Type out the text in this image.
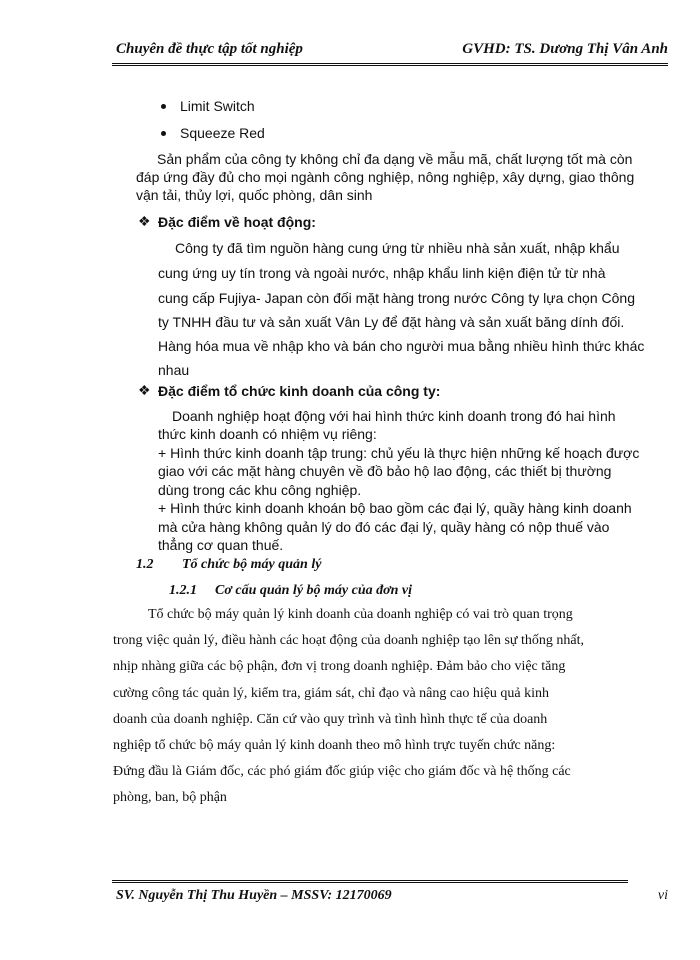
Chuyên đề thực tập tốt nghiệp	GVHD: TS. Dương Thị Vân Anh
Limit Switch
Squeeze Red
Sản phẩm của công ty không chỉ đa dạng về mẫu mã, chất lượng tốt mà còn
đáp ứng đầy đủ cho mọi ngành công nghiệp, nông nghiệp, xây dựng, giao thông
vận tải, thủy lợi, quốc phòng, dân sinh
❖ Đặc điểm về hoạt động:
Công ty đã tìm nguồn hàng cung ứng từ nhiều nhà sản xuất, nhập khẩu
cung ứng uy tín trong và ngoài nước, nhập khẩu linh kiện điện tử từ nhà
cung cấp Fujiya- Japan còn đối mặt hàng trong nước Công ty lựa chọn Công
ty TNHH đầu tư và sản xuất Vân Ly để đặt hàng và sản xuất băng dính đối.
Hàng hóa mua về nhập kho và bán cho người mua bằng nhiều hình thức khác
nhau
❖ Đặc điểm tổ chức kinh doanh của công ty:
Doanh nghiệp hoạt động với hai hình thức kinh doanh trong đó hai hình
thức kinh doanh có nhiệm vụ riêng:
+ Hình thức kinh doanh tập trung: chủ yếu là thực hiện những kế hoạch được
giao với các mặt hàng chuyên về đồ bảo hộ lao động, các thiết bị thường
dùng trong các khu công nghiệp.
+ Hình thức kinh doanh khoán bộ bao gồm các đại lý, quầy hàng kinh doanh
mà cửa hàng không quản lý do đó các đại lý, quầy hàng có nộp thuế vào
thẳng cơ quan thuế.
1.2 Tổ chức bộ máy quản lý
1.2.1 Cơ cấu quản lý bộ máy của đơn vị
Tổ chức bộ máy quản lý kinh doanh của doanh nghiệp có vai trò quan trọng
trong việc quản lý, điều hành các hoạt động của doanh nghiệp tạo lên sự thống nhất,
nhịp nhàng giữa các bộ phận, đơn vị trong doanh nghiệp. Đảm bảo cho việc tăng
cường công tác quản lý, kiểm tra, giám sát, chỉ đạo và nâng cao hiệu quả kinh
doanh của doanh nghiệp. Căn cứ vào quy trình và tình hình thực tế của doanh
nghiệp tổ chức bộ máy quản lý kinh doanh theo mô hình trực tuyến chức năng:
Đứng đầu là Giám đốc, các phó giám đốc giúp việc cho giám đốc và hệ thống các
phòng, ban, bộ phận
SV. Nguyễn Thị Thu Huyền – MSSV: 12170069	vi
